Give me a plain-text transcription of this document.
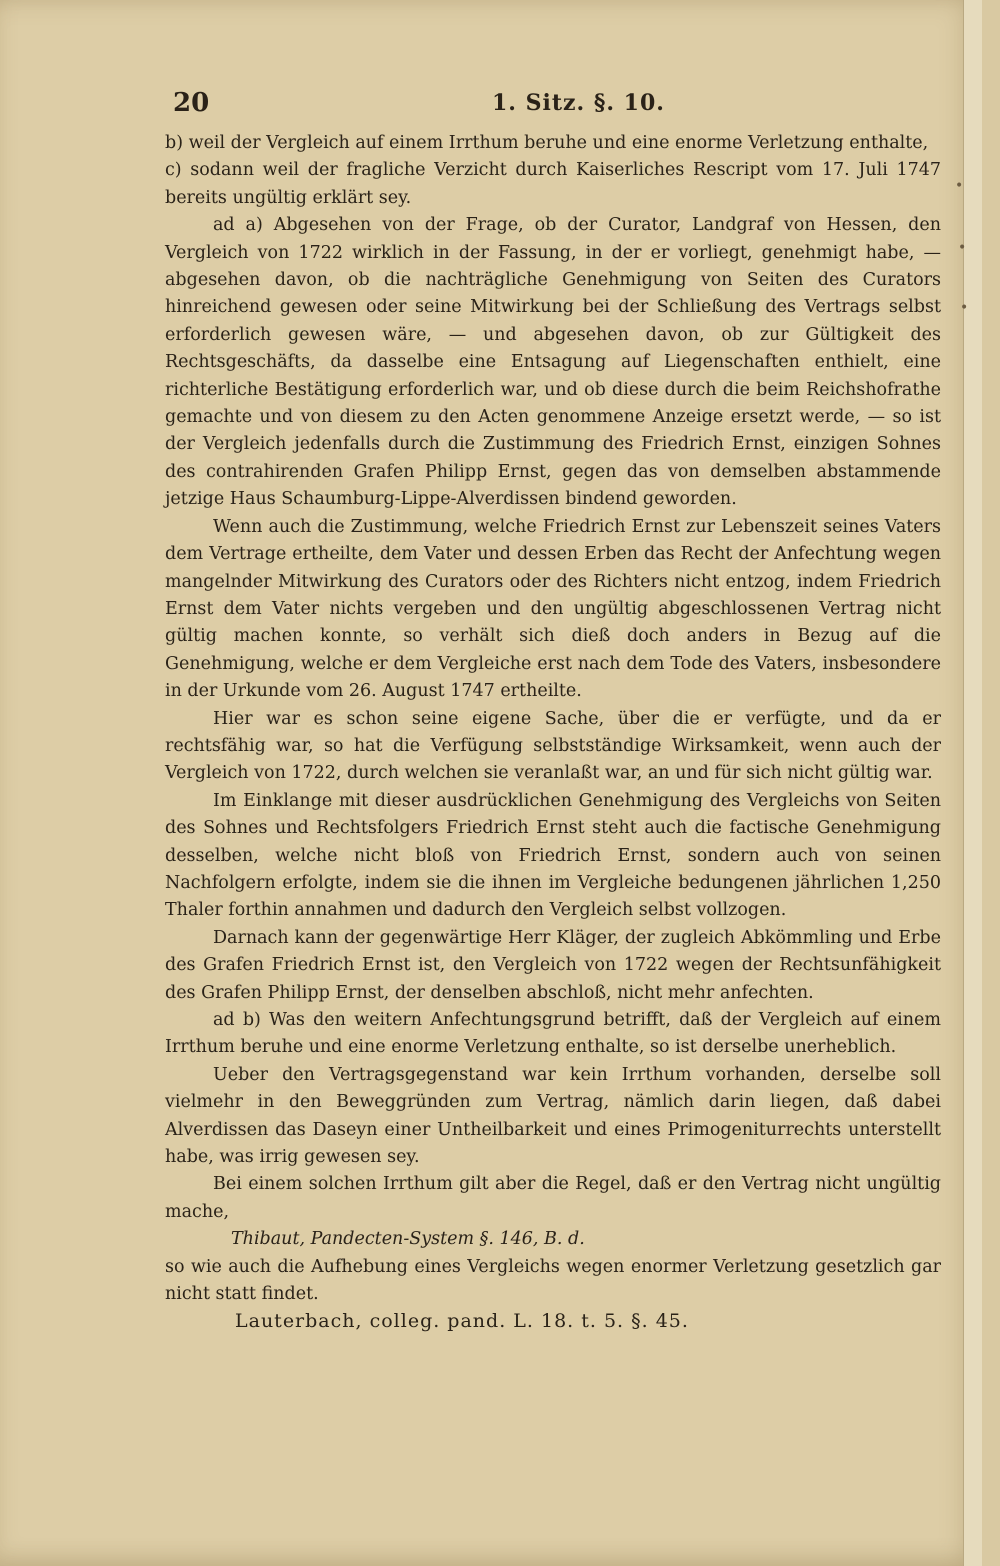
20	1. Sitz. §. 10.

b) weil der Vergleich auf einem Irrthum beruhe und eine enorme Verletzung enthalte,

c) sodann weil der fragliche Verzicht durch Kaiserliches Rescript vom 17. Juli 1747 bereits ungültig erklärt sey.

ad a) Abgesehen von der Frage, ob der Curator, Landgraf von Hessen, den Vergleich von 1722 wirklich in der Fassung, in der er vorliegt, genehmigt habe, — abgesehen davon, ob die nachträgliche Genehmigung von Seiten des Curators hinreichend gewesen oder seine Mitwirkung bei der Schließung des Vertrags selbst erforderlich gewesen wäre, — und abgesehen davon, ob zur Gültigkeit des Rechtsgeschäfts, da dasselbe eine Entsagung auf Liegenschaften enthielt, eine richterliche Bestätigung erforderlich war, und ob diese durch die beim Reichshofrathe gemachte und von diesem zu den Acten genommene Anzeige ersetzt werde, — so ist der Vergleich jedenfalls durch die Zustimmung des Friedrich Ernst, einzigen Sohnes des contrahirenden Grafen Philipp Ernst, gegen das von demselben abstammende jetzige Haus Schaumburg-Lippe-Alverdissen bindend geworden.

Wenn auch die Zustimmung, welche Friedrich Ernst zur Lebenszeit seines Vaters dem Vertrage ertheilte, dem Vater und dessen Erben das Recht der Anfechtung wegen mangelnder Mitwirkung des Curators oder des Richters nicht entzog, indem Friedrich Ernst dem Vater nichts vergeben und den ungültig abgeschlossenen Vertrag nicht gültig machen konnte, so verhält sich dieß doch anders in Bezug auf die Genehmigung, welche er dem Vergleiche erst nach dem Tode des Vaters, insbesondere in der Urkunde vom 26. August 1747 ertheilte.

Hier war es schon seine eigene Sache, über die er verfügte, und da er rechtsfähig war, so hat die Verfügung selbstständige Wirksamkeit, wenn auch der Vergleich von 1722, durch welchen sie veranlaßt war, an und für sich nicht gültig war.

Im Einklange mit dieser ausdrücklichen Genehmigung des Vergleichs von Seiten des Sohnes und Rechtsfolgers Friedrich Ernst steht auch die factische Genehmigung desselben, welche nicht bloß von Friedrich Ernst, sondern auch von seinen Nachfolgern erfolgte, indem sie die ihnen im Vergleiche bedungenen jährlichen 1,250 Thaler forthin annahmen und dadurch den Vergleich selbst vollzogen.

Darnach kann der gegenwärtige Herr Kläger, der zugleich Abkömmling und Erbe des Grafen Friedrich Ernst ist, den Vergleich von 1722 wegen der Rechtsunfähigkeit des Grafen Philipp Ernst, der denselben abschloß, nicht mehr anfechten.

ad b) Was den weitern Anfechtungsgrund betrifft, daß der Vergleich auf einem Irrthum beruhe und eine enorme Verletzung enthalte, so ist derselbe unerheblich.

Ueber den Vertragsgegenstand war kein Irrthum vorhanden, derselbe soll vielmehr in den Beweggründen zum Vertrag, nämlich darin liegen, daß dabei Alverdissen das Daseyn einer Untheilbarkeit und eines Primogeniturrechts unterstellt habe, was irrig gewesen sey.

Bei einem solchen Irrthum gilt aber die Regel, daß er den Vertrag nicht ungültig mache,

Thibaut, Pandecten-System §. 146, B. d.

so wie auch die Aufhebung eines Vergleichs wegen enormer Verletzung gesetzlich gar nicht statt findet.

Lauterbach, colleg. pand. L. 18. t. 5. §. 45.

•
•
•
